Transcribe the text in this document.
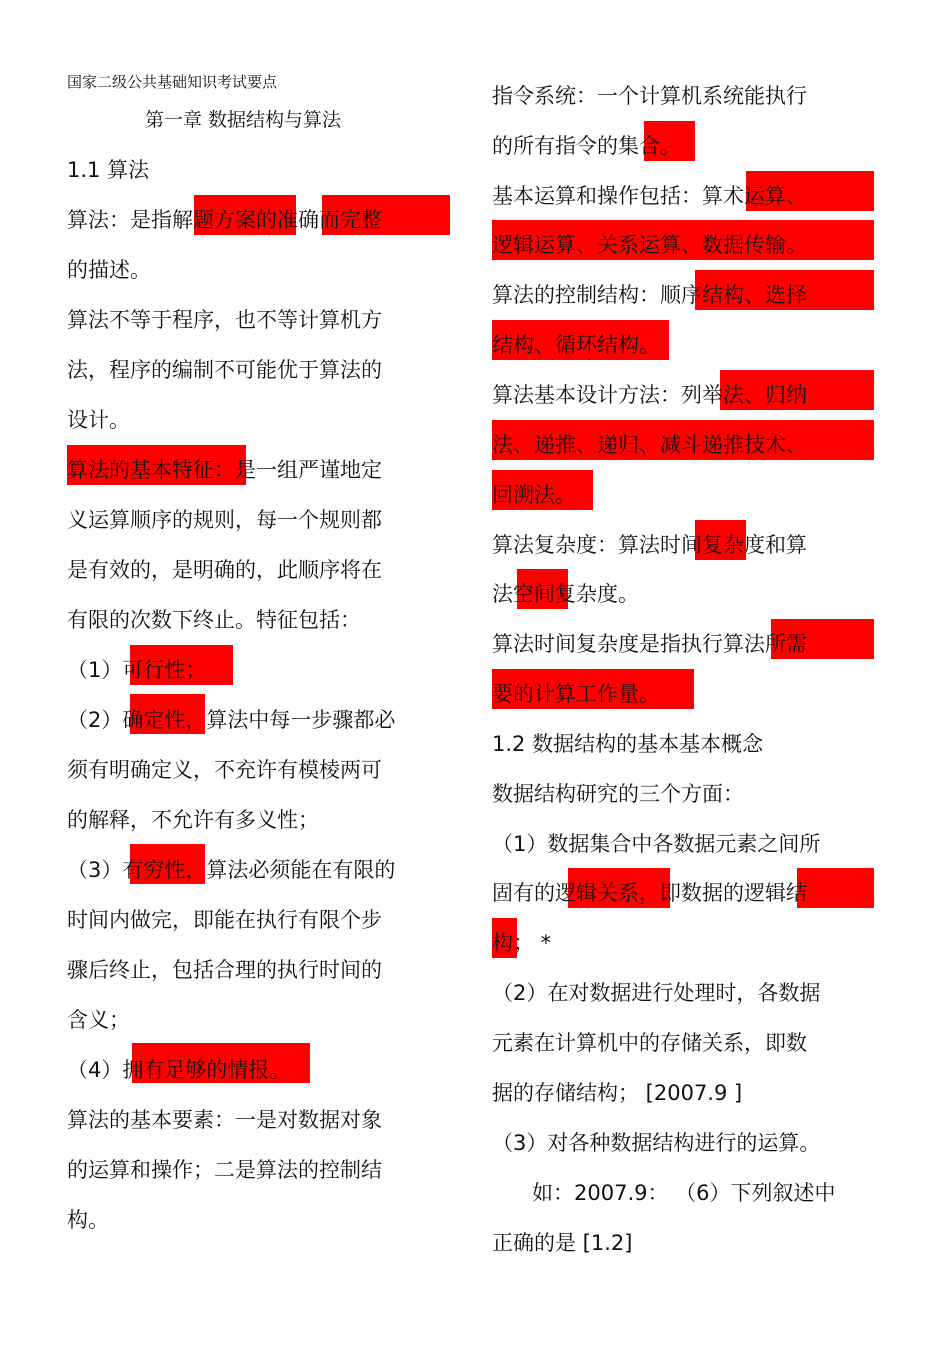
国家二级公共基础知识考试要点
第一章 数据结构与算法
1.1 算法
算法：是指解题方案的准确而完整
的描述。
算法不等于程序，也不等计算机方
法，程序的编制不可能优于算法的
设计。
算法的基本特征：是一组严谨地定
义运算顺序的规则，每一个规则都
是有效的，是明确的，此顺序将在
有限的次数下终止。特征包括：
（1）可行性；
（2）确定性，算法中每一步骤都必
须有明确定义，不充许有模棱两可
的解释，不允许有多义性；
（3）有穷性，算法必须能在有限的
时间内做完，即能在执行有限个步
骤后终止，包括合理的执行时间的
含义；
（4）拥有足够的情报。
算法的基本要素：一是对数据对象
的运算和操作；二是算法的控制结
构。
指令系统：一个计算机系统能执行
的所有指令的集合。
基本运算和操作包括：算术运算、
逻辑运算、关系运算、数据传输。
算法的控制结构：顺序结构、选择
结构、循环结构。
算法基本设计方法：列举法、归纳
法、递推、递归、减斗递推技术、
回溯法。
算法复杂度：算法时间复杂度和算
法空间复杂度。
算法时间复杂度是指执行算法所需
要的计算工作量。
1.2 数据结构的基本基本概念
数据结构研究的三个方面：
（1）数据集合中各数据元素之间所
固有的逻辑关系，即数据的逻辑结
构； *
（2）在对数据进行处理时，各数据
元素在计算机中的存储关系，即数
据的存储结构； [2007.9 ]
（3）对各种数据结构进行的运算。
如：2007.9： （6）下列叙述中
正确的是 [1.2]
